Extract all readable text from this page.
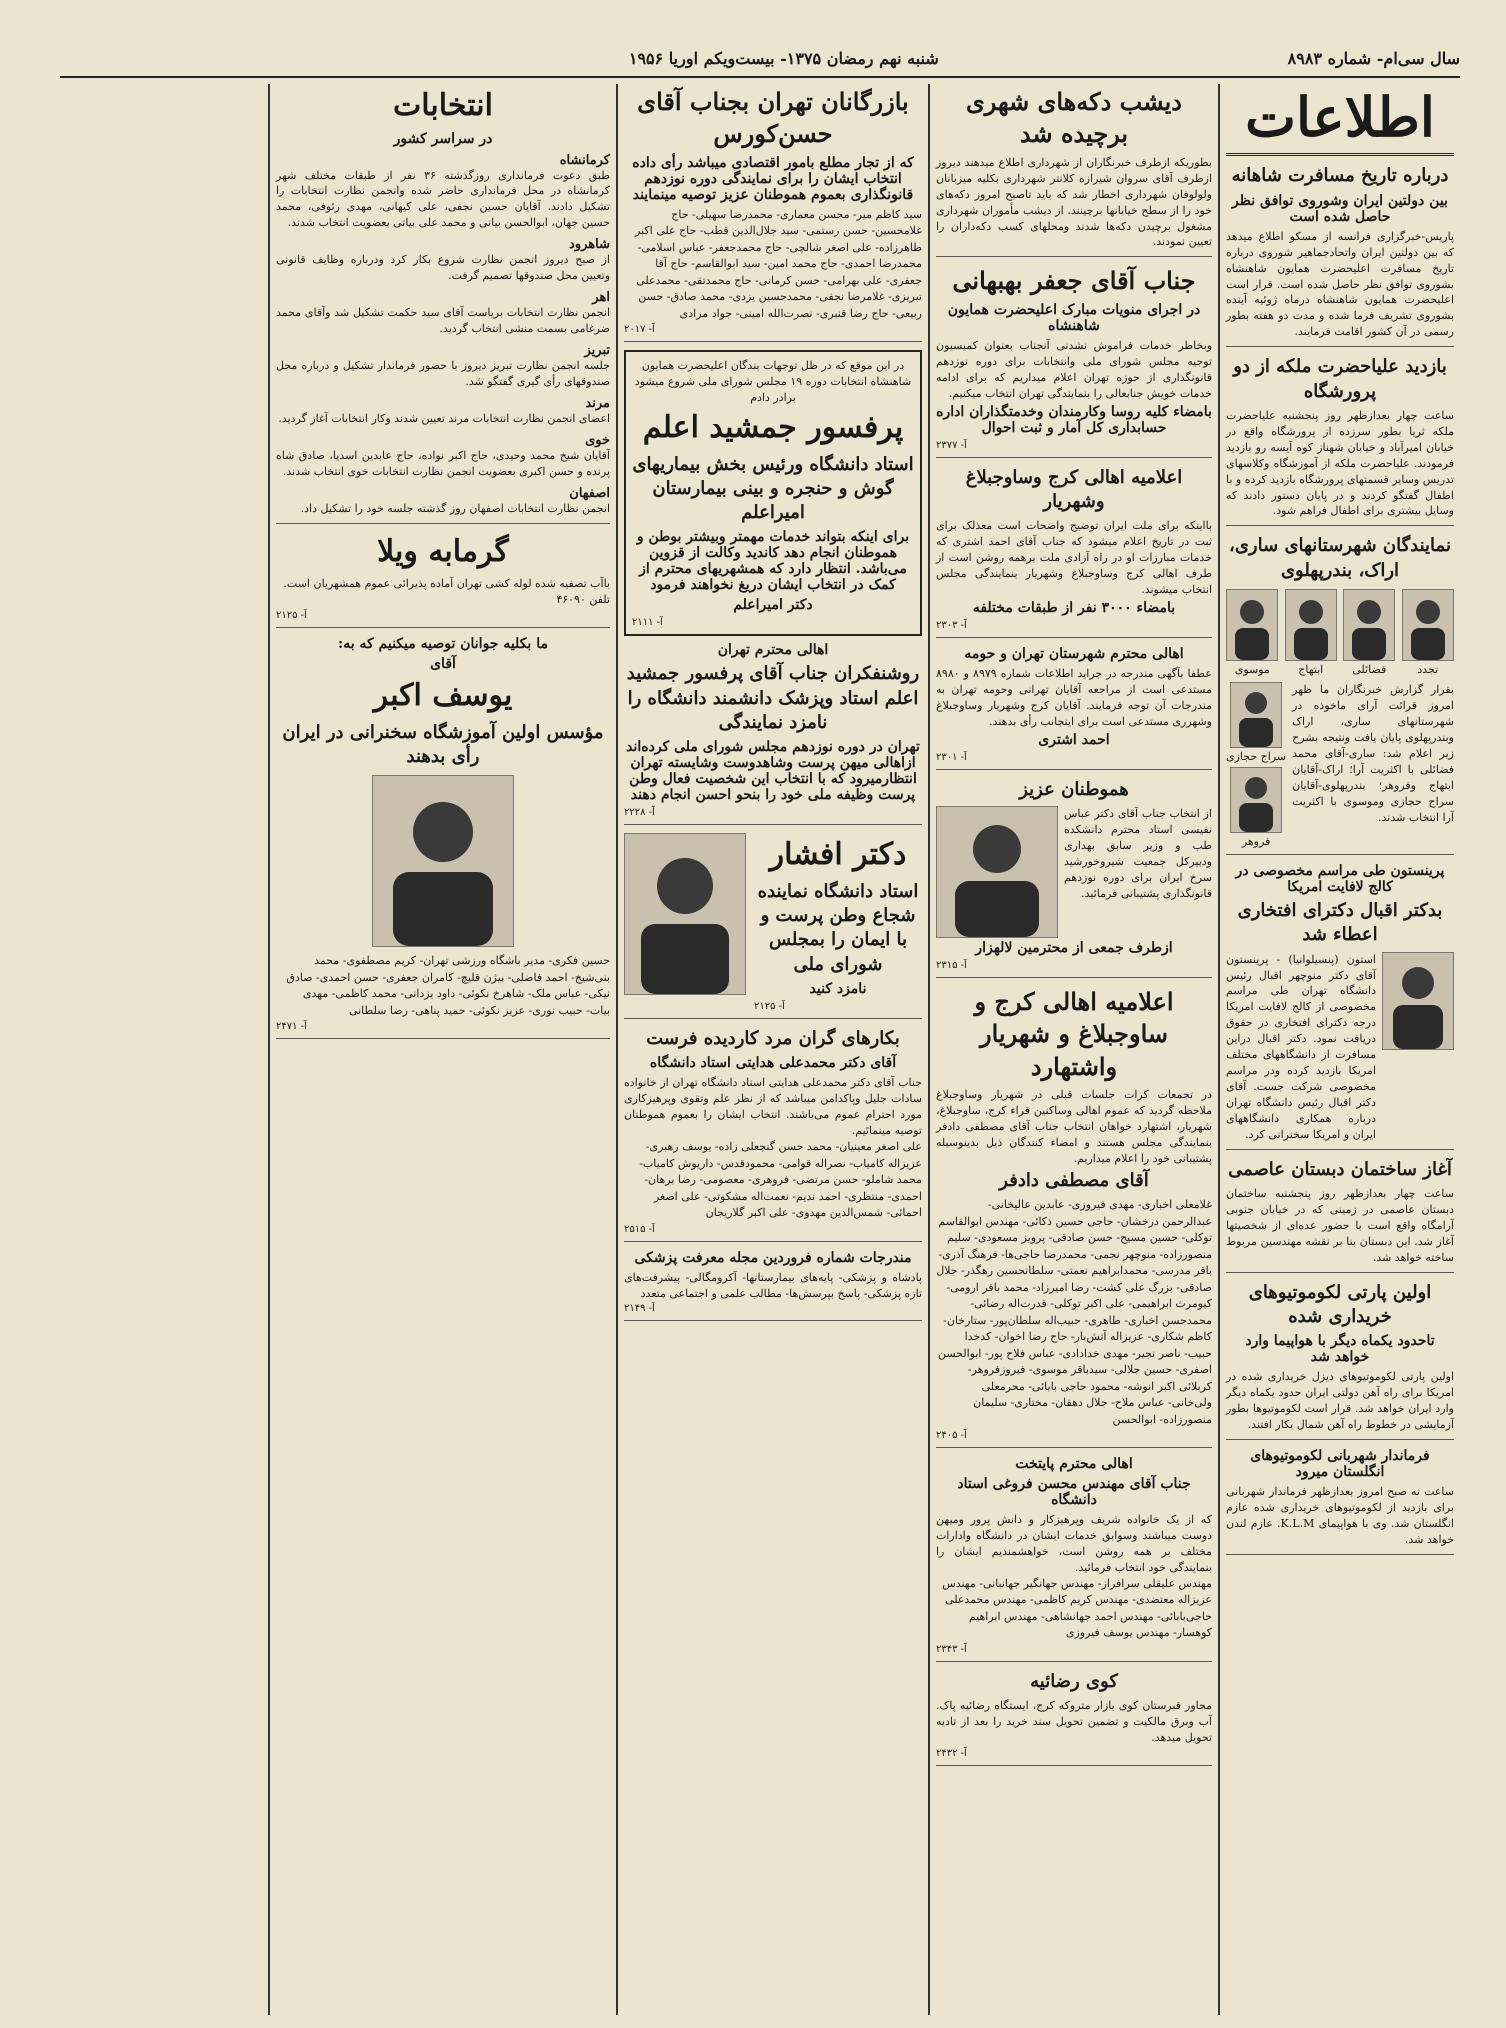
سال سی‌ام- شماره ۸۹۸۳
شنبه نهم رمضان ۱۳۷۵- بیست‌ویکم اوریا ۱۹۵۶
اطلاعات
درباره تاریخ مسافرت شاهانه
بین دولتین ایران وشوروی توافق نظر حاصل شده است
پاریس-خبرگزاری فرانسه از مسکو اطلاع میدهد که بین دولتین ایران واتحادجماهیر شوروی درباره تاریخ مسافرت اعلیحضرت همایون شاهنشاه بشوروی توافق نظر حاصل شده است. قرار است اعلیحضرت همایون شاهنشاه درماه ژوئیه آینده بشوروی تشریف فرما شده و مدت دو هفته بطور رسمی در آن کشور اقامت فرمایند.
بازدید علیاحضرت ملکه از دو پرورشگاه
ساعت چهار بعدازظهر روز پنجشنبه علیاحضرت ملکه ثریا بطور سرزده از پرورشگاه واقع در خیابان امیرآباد و خیابان شهناز کوه آیسه رو بازدید فرمودند. علیاحضرت ملکه از آموزشگاه وکلاسهای تدریس وسایر قسمتهای پرورشگاه بازدید کرده و با اطفال گفتگو کردند و در پایان دستور دادند که وسایل بیشتری برای اطفال فراهم شود.
نمایندگان شهرستانهای ساری، اراک، بندرپهلوی
تجدد
فضائلی
ابتهاج
موسوی
بقرار گزارش خبرنگاران ما ظهر امروز قرائت آرای ماخوذه در شهرستانهای ساری، اراک وبندرپهلوی پایان یافت ونتیجه بشرح زیر اعلام شد: ساری-آقای محمد فضائلی با اکثریت آرا؛ اراک-آقایان ابتهاج وفروهر؛ بندرپهلوی-آقایان سراج حجازی وموسوی با اکثریت آرا انتخاب شدند.
سراج حجازی
فروهر
پرینستون طی مراسم مخصوصی در کالج لافایت امریکا
بدکتر اقبال دکترای افتخاری اعطاء شد
استون (پنسیلوانیا) - پرینستون آقای دکتر منوچهر اقبال رئیس دانشگاه تهران طی مراسم مخصوصی از کالج لافایت امریکا درجه دکترای افتخاری در حقوق دریافت نمود. دکتر اقبال دراین مسافرت از دانشگاههای مختلف امریکا بازدید کرده ودر مراسم مخصوصی شرکت جست. آقای دکتر اقبال رئیس دانشگاه تهران درباره همکاری دانشگاههای ایران و امریکا سخنرانی کرد.
آغاز ساختمان دبستان عاصمی
ساعت چهار بعدازظهر روز پنجشنبه ساختمان دبستان عاصمی در زمینی که در خیابان جنوبی آرامگاه واقع است با حضور عده‌ای از شخصیتها آغاز شد. این دبستان بنا بر نقشه مهندسین مربوط ساخته خواهد شد.
اولین پارتی لکوموتیوهای خریداری شده
تاحدود یکماه دیگر با هواپیما وارد خواهد شد
اولین پارتی لکوموتیوهای دیزل خریداری شده در امریکا برای راه آهن دولتی ایران حدود یکماه دیگر وارد ایران خواهد شد. قرار است لکوموتیوها بطور آزمایشی در خطوط راه آهن شمال بکار افتند.
فرماندار شهربانی لکوموتیوهای انگلستان میرود
ساعت نه صبح امروز بعدازظهر فرماندار شهربانی برای بازدید از لکوموتیوهای خریداری شده عازم انگلستان شد. وی با هواپیمای K.L.M. عازم لندن خواهد شد.
دیشب دکه‌های شهری برچیده شد
بطوریکه ازطرف خبرنگاران از شهرداری اطلاع میدهند دیروز ازطرف آقای سروان شیرازه کلانتر شهرداری بکلیه میزبانان ولولوفان شهرداری اخطار شد که باید تاصبح امروز دکه‌های خود را از سطح خیابانها برچینند. از دیشب مأموران شهرداری مشغول برچیدن دکه‌ها شدند ومحلهای کسب دکه‌داران را تعیین نمودند.
جناب آقای جعفر بهبهانی
در اجرای منویات مبارک اعلیحضرت همایون شاهنشاه
وبخاطر خدمات فراموش نشدنی آنجناب بعنوان کمیسیون توجیه مجلس شورای ملی وانتخابات برای دوره نوزدهم قانونگذاری از حوزه تهران اعلام میداریم که برای ادامه خدمات خویش جنابعالی را بنمایندگی تهران انتخاب میکنیم.
بامضاء کلیه روسا وکارمندان وخدمتگذاران اداره حسابداری کل آمار و ثبت احوال
آ- ۲۳۷۷
اعلامیه اهالی کرج وساوجبلاغ وشهریار
بااینکه برای ملت ایران توضیح واضحات است معذلک برای ثبت در تاریخ اعلام میشود که جناب آقای احمد اشتری که خدمات مبارزات او در راه آزادی ملت برهمه روشن است از طرف اهالی کرج وساوجبلاغ وشهریار بنمایندگی مجلس انتخاب میشوند.
بامضاء ۳۰۰۰ نفر از طبقات مختلفه
آ- ۲۳۰۳
اهالی محترم شهرستان تهران و حومه
عطفا بآگهی مندرجه در جراید اطلاعات شماره ۸۹۷۹ و ۸۹۸۰ مستدعی است از مراجعه آقایان تهرانی وحومه تهران به مندرجات آن توجه فرمایند. آقایان کرج وشهریار وساوجبلاغ وشهرری مستدعی است برای اینجانب رأی بدهند.
احمد اشتری
آ- ۲۳۰۱
هموطنان عزیز
از انتخاب جناب آقای دکتر عباس نفیسی استاد محترم دانشکده طب و وزیر سابق بهداری ودبیرکل جمعیت شیروخورشید سرخ ایران برای دوره نوزدهم قانونگذاری پشتیبانی فرمائید.
ازطرف جمعی از محترمین لالهزار
آ- ۲۳۱۵
اعلامیه اهالی کرج و ساوجبلاغ و شهریار واشتهارد
در تجمعات کرات جلسات قبلی در شهریار وساوجبلاغ ملاحظه گردید که عموم اهالی وساکنین قراء کرج، ساوجبلاغ، شهریار، اشتهارد خواهان انتخاب جناب آقای مصطفی دادفر بنمایندگی مجلس هستند و امضاء کنندگان ذیل بدینوسیله پشتیبانی خود را اعلام میداریم.
آقای مصطفی دادفر
غلامعلی اخباری- مهدی فیروزی- عابدین عالیخانی- عبدالرحمن درخشان- حاجی حسین ذکائی- مهندس ابوالقاسم توکلی- حسین مسیح- حسن صادقی- پرویز مسعودی- سلیم منصورزاده- منوچهر نجمی- محمدرضا حاجی‌ها- فرهنگ آذری- باقر مدرسی- محمدابراهیم نعمتی- سلطانحسین رهگذر- جلال صادقی- بزرگ علی کشت- رضا امیرزاد- محمد باقر ارومی- کیومرث ابراهیمی- علی اکبر توکلی- قدرت‌اله رضائی- محمدحسن اخباری- طاهری- حبیب‌اله سلطان‌پور- ستارخان- کاظم شکاری- عزیزاله آتش‌بار- حاج رضا اخوان- کدخدا حبیب- ناصر نجیر- مهدی خدادادی- عباس فلاح پور- ابوالحسن اصفری- حسین جلالی- سیدباقر موسوی- فیروزفروهر- کربلائی اکبر انوشه- محمود حاجی بابائی- محرمعلی ولی‌خانی- عباس ملاح- جلال دهقان- مختاری- سلیمان منصورزاده- ابوالحسن
آ- ۲۴۰۵
اهالی محترم پایتخت
جناب آقای مهندس محسن فروغی استاد دانشگاه
که از یک خانواده شریف وپرهیزکار و دانش پرور ومیهن دوست میباشند وسوابق خدمات ایشان در دانشگاه وادارات مختلف بر همه روشن است، خواهشمندیم ایشان را بنمایندگی خود انتخاب فرمائید.
مهندس علیقلی سرافراز- مهندس جهانگیر جهانبانی- مهندس عزیزاله معتضدی- مهندس کریم کاظمی- مهندس محمدعلی حاجی‌بابائی- مهندس احمد جهانشاهی- مهندس ابراهیم کوهسار- مهندس یوسف فیروزی
آ- ۲۳۴۳
کوی رضائیه
مجاور قبرستان کوی بازار متروکه کرج، ایستگاه رضائیه پاک. آب وبرق مالکیت و تضمین تحویل سند خرید را بعد از تادیه تحویل میدهد.
آ- ۲۴۳۲
بازرگانان تهران بجناب آقای حسن‌کورس
که از تجار مطلع بامور اقتصادی میباشد رأی داده انتخاب ایشان را برای نمایندگی دوره نوزدهم قانونگذاری بعموم هموطنان عزیز توصیه مینمایند
سید کاظم میر- محسن معماری- محمدرضا سهیلی- حاج غلامحسین- حسن رستمی- سید جلال‌الدین قطب- حاج علی اکبر طاهرزاده- علی اصغر شالچی- حاج محمدجعفر- عباس اسلامی- محمدرضا احمدی- حاج محمد امین- سید ابوالقاسم- حاج آقا جعفری- علی بهرامی- حسن کرمانی- حاج محمدتقی- محمدعلی تبریزی- غلامرضا نجفی- محمدحسین یزدی- محمد صادق- حسن ربیعی- حاج رضا قنبری- نصرت‌الله امینی- جواد مرادی
آ- ۲۰۱۷
در این موقع که در ظل توجهات بندگان اعلیحضرت همایون شاهنشاه انتخابات دوره ۱۹ مجلس شورای ملی شروع میشود برادر دادم
پرفسور جمشید اعلم
استاد دانشگاه ورئیس بخش بیماریهای گوش و حنجره و بینی بیمارستان امیراعلم
برای اینکه بتواند خدمات مهمتر وبیشتر بوطن و هموطنان انجام دهد کاندید وکالت از قزوین می‌باشد. انتظار دارد که همشهریهای محترم از کمک در انتخاب ایشان دریغ نخواهند فرمود
دکتر امیراعلم
آ- ۲۱۱۱
اهالی محترم تهران
روشنفکران جناب آقای پرفسور جمشید اعلم استاد وپزشک دانشمند دانشگاه را نامزد نمایندگی
تهران در دوره نوزدهم مجلس شورای ملی کرده‌اند ازاهالی میهن پرست وشاهدوست وشایسته تهران انتظارمیرود که با انتخاب این شخصیت فعال وطن پرست وظیفه ملی خود را بنحو احسن انجام دهند
آ- ۲۲۲۸
دکتر افشار
استاد دانشگاه نماینده شجاع وطن پرست و با ایمان را بمجلس شورای ملی
نامزد کنید
آ- ۲۱۲۵
بکارهای گران مرد کاردیده فرست
آقای دکتر محمدعلی هدایتی استاد دانشگاه
جناب آقای دکتر محمدعلی هدایتی استاد دانشگاه تهران از خانواده سادات جلیل وپاکدامن میباشد که از نظر علم وتقوی وپرهیزکاری مورد احترام عموم می‌باشند. انتخاب ایشان را بعموم هموطنان توصیه مینمائیم.
علی اصغر معینیان- محمد حسن گنجعلی زاده- یوسف رهبری- عزیزاله کامیاب- نصراله قوامی- محمودقدس- داریوش کامیاب- محمد شاملو- حسن مرتضی- فروهری- معصومی- رضا برهان- احمدی- منتظری- احمد ندیم- نعمت‌اله مشکوتی- علی اصغر احمائی- شمس‌الدین مهدوی- علی اکبر گلاریجان
آ- ۲۵۱۵
مندرجات شماره فروردین مجله معرفت پزشکی
پادشاه و پزشکی- پایه‌های بیمارستانها- آکرومگالی- پیشرفت‌های تازه پزشکی- پاسخ بپرسش‌ها- مطالب علمی و اجتماعی متعدد
آ- ۲۱۴۹
انتخابات
در سراسر کشور
کرمانشاه
طبق دعوت فرمانداری روزگذشته ۳۶ نفر از طبقات مختلف شهر کرمانشاه در محل فرمانداری حاضر شده وانجمن نظارت انتخابات را تشکیل دادند. آقایان حسین نجفی، علی کیهانی، مهدی رئوفی، محمد حسین جهان، ابوالحسن بیانی و محمد علی بیاتی بعضویت انتخاب شدند.
شاهرود
از صبح دیروز انجمن نظارت شروع بکار کرد ودرباره وظایف قانونی وتعیین محل صندوقها تصمیم گرفت.
اهر
انجمن نظارت انتخابات بریاست آقای سید حکمت تشکیل شد وآقای محمد ضرغامی بسمت منشی انتخاب گردید.
تبریز
جلسه انجمن نظارت تبریز دیروز با حضور فرماندار تشکیل و درباره محل صندوقهای رأی گیری گفتگو شد.
مرند
اعضای انجمن نظارت انتخابات مرند تعیین شدند وکار انتخابات آغاز گردید.
خوی
آقایان شیخ محمد وحیدی، حاج اکبر نواده، حاج عابدین اسدیا، صادق شاه پرنده و حسن اکبری بعضویت انجمن نظارت انتخابات خوی انتخاب شدند.
اصفهان
انجمن نظارت انتخابات اصفهان روز گذشته جلسه خود را تشکیل داد.
گرمابه ویلا
باآب تصفیه شده لوله کشی تهران آماده پذیرائی عموم همشهریان است.
تلفن ۴۶۰۹۰
آ- ۲۱۲۵
ما بکلیه جوانان توصیه میکنیم که به:
آقای
یوسف اکبر
مؤسس اولین آموزشگاه سخنرانی در ایران رأی بدهند
حسین فکری- مدیر باشگاه ورزشی تهران- کریم مصطفوی- محمد بنی‌شیخ- احمد فاضلی- بیژن قلیچ- کامران جعفری- حسن احمدی- صادق نیکی- عباس ملک- شاهرخ نکوئی- داود یزدانی- محمد کاظمی- مهدی بیات- حبیب نوری- عزیز نکوئی- حمید پناهی- رضا سلطانی
آ- ۲۴۷۱
